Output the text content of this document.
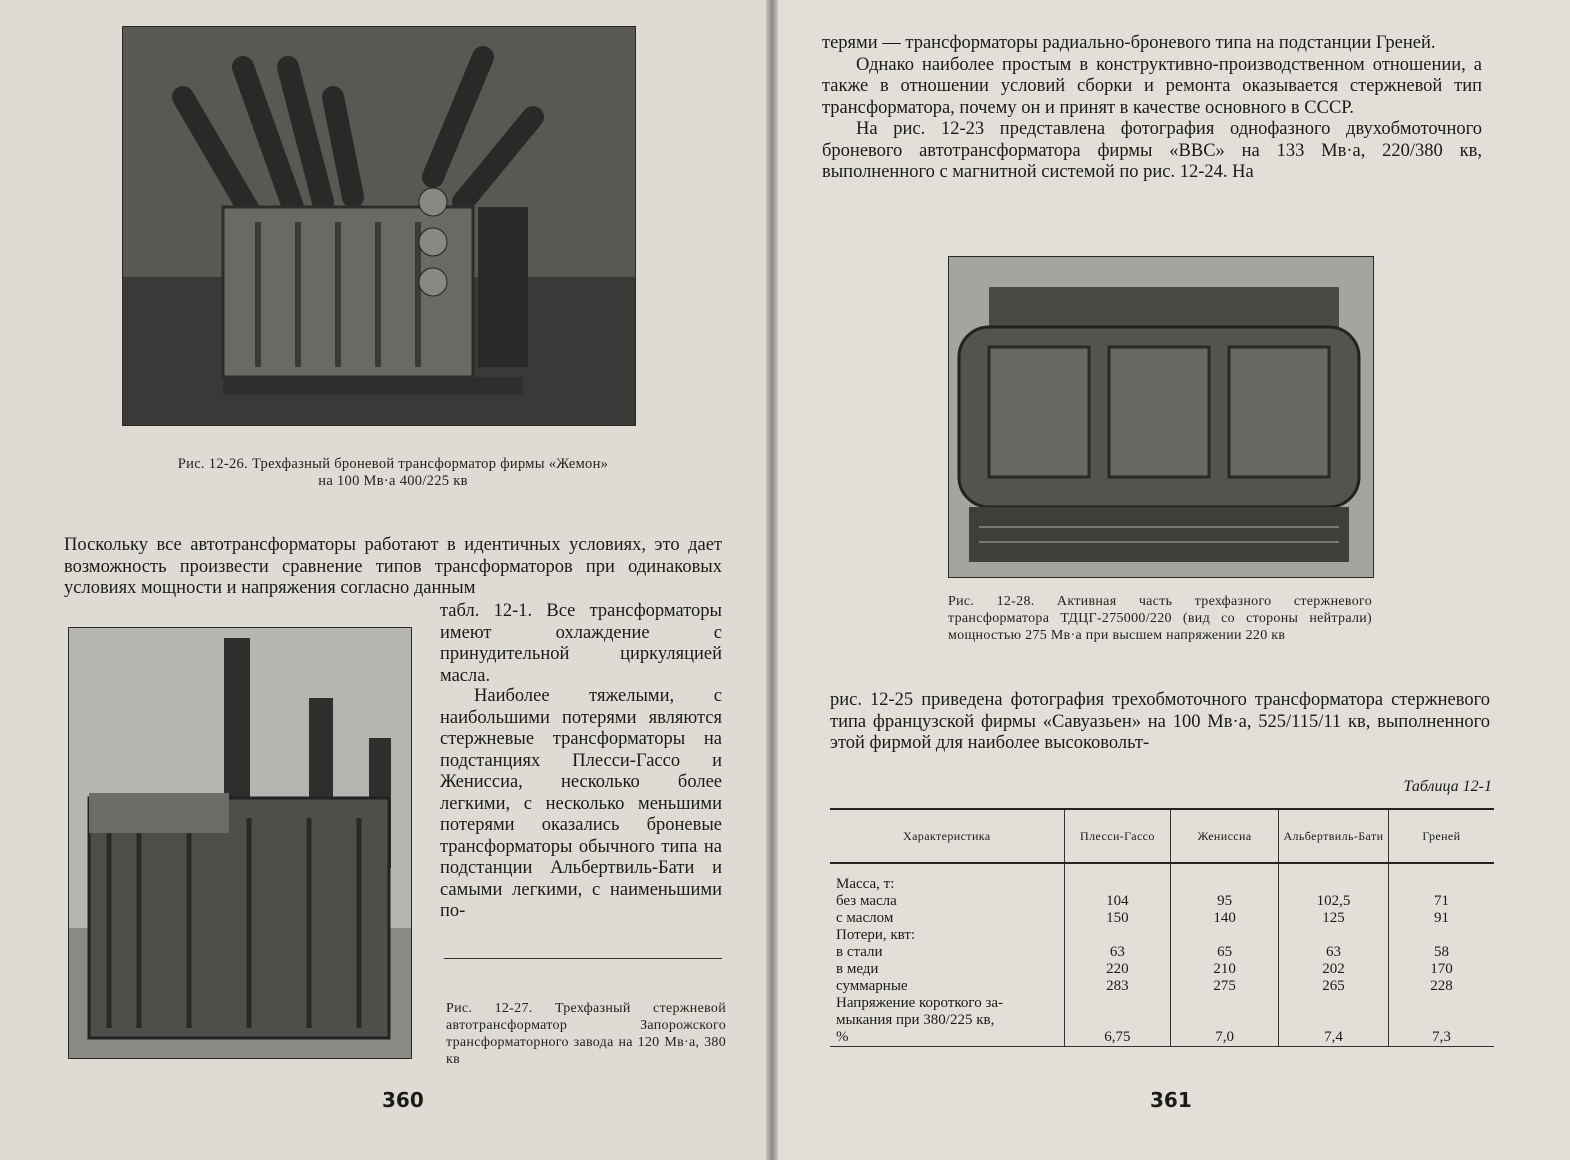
Рис. 12-26. Трехфазный броневой трансформатор фирмы «Жемон»
на 100 Мв·а 400/225 кв

Поскольку все автотрансформаторы работают в идентичных условиях, это дает возможность произвести сравнение типов трансформаторов при одинаковых условиях мощности и напряжения согласно данным

табл. 12-1. Все трансформаторы имеют охлаждение с принудительной циркуляцией масла.

Наиболее тяжелыми, с наибольшими потерями являются стержневые трансформаторы на подстанциях Плесси-Гассо и Жениссиа, несколько более легкими, с несколько меньшими потерями оказались броневые трансформаторы обычного типа на подстанции Альбертвиль-Бати и самыми легкими, с наименьшими по-

Рис. 12-27. Трехфазный стержневой автотрансформатор Запорожского трансформаторного завода на 120 Мв·а, 380 кв
360

терями — трансформаторы радиально-броневого типа на подстанции Греней.

Однако наиболее простым в конструктивно-производственном отношении, а также в отношении условий сборки и ремонта оказывается стержневой тип трансформатора, почему он и принят в качестве основного в СССР.

На рис. 12-23 представлена фотография однофазного двухобмоточного броневого автотрансформатора фирмы «ВВС» на 133 Мв·а, 220/380 кв, выполненного с магнитной системой по рис. 12-24. На

Рис. 12-28. Активная часть трехфазного стержневого трансформатора ТДЦГ-275000/220 (вид со стороны нейтрали) мощностью 275 Мв·а при высшем напряжении 220 кв

рис. 12-25 приведена фотография трехобмоточного трансформатора стержневого типа французской фирмы «Савуазьен» на 100 Мв·а, 525/115/11 кв, выполненного этой фирмой для наиболее высоковольт-

Таблица 12-1
Характеристика	Плесси-Гассо	Жениссиа	Альбертвиль-Бати	Греней
Масса, т:				
без масла	104	95	102,5	71
с маслом	150	140	125	91
Потери, квт:				
в стали	63	65	63	58
в меди	220	210	202	170
суммарные	283	275	265	228
Напряжение короткого за-				
мыкания при 380/225 кв,				
%	6,75	7,0	7,4	7,3
361
